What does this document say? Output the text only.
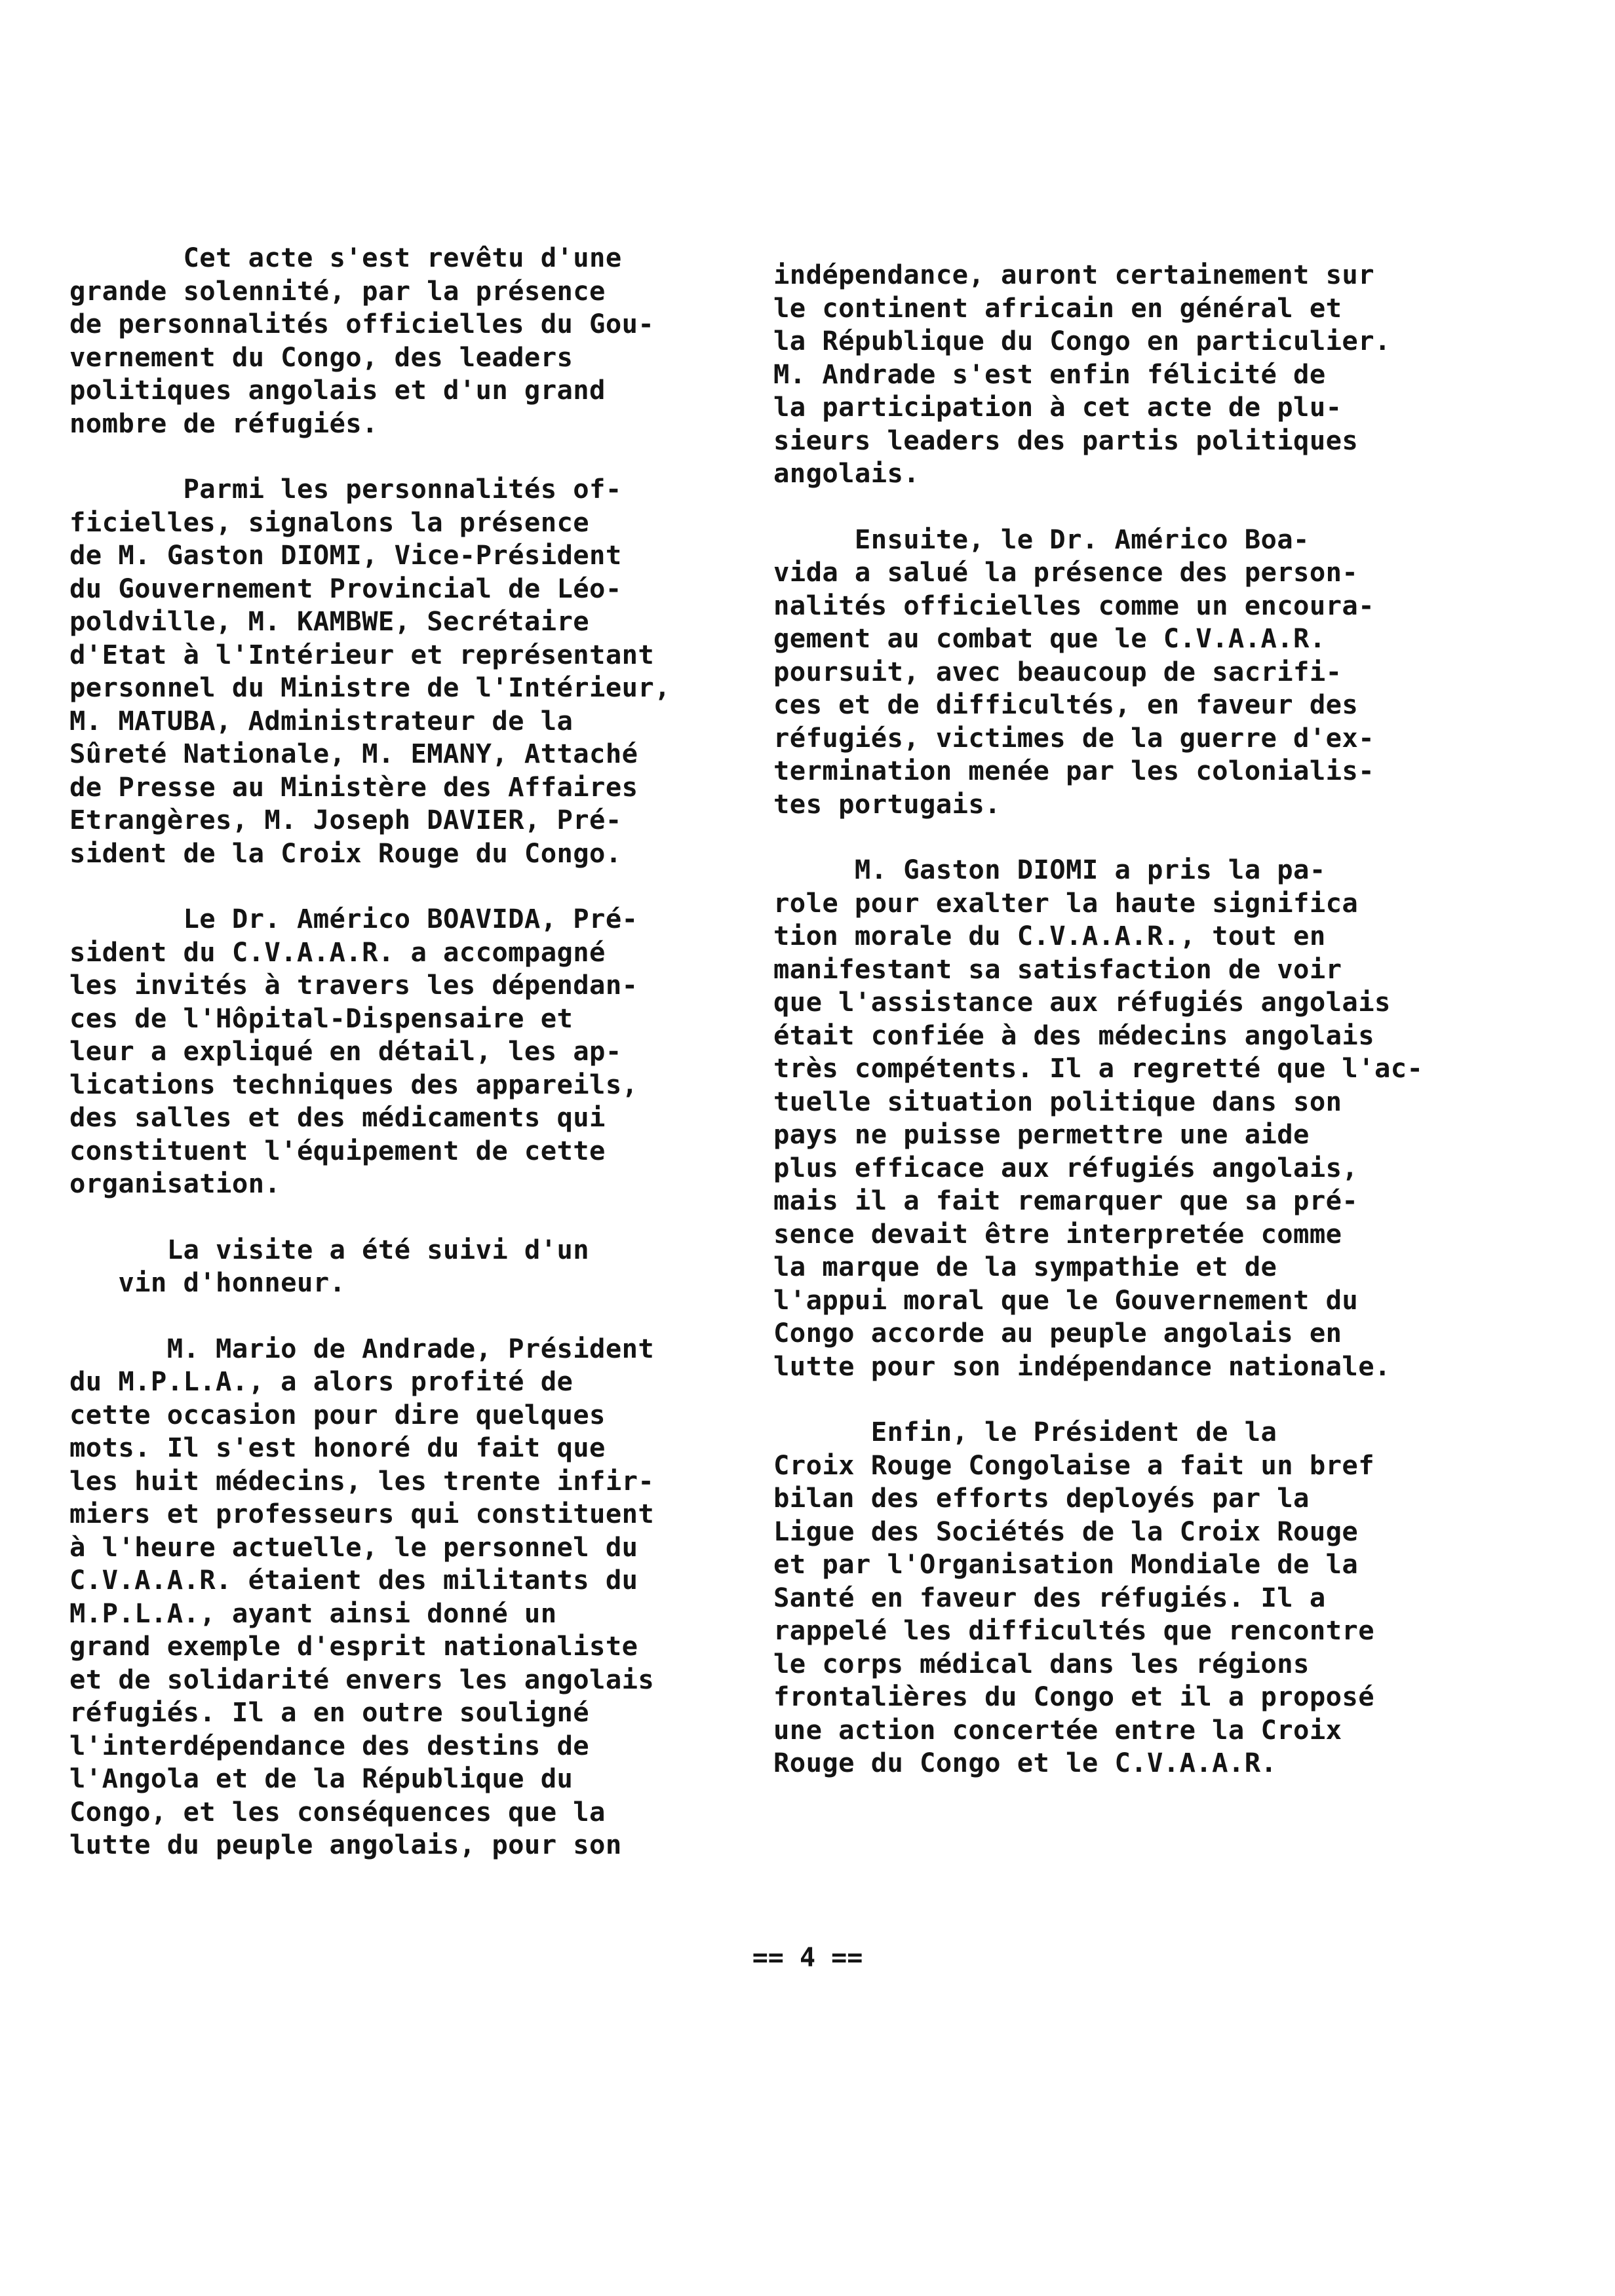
Cet acte s'est revêtu d'une
grande solennité, par la présence
de personnalités officielles du Gou-
vernement du Congo, des leaders
politiques angolais et d'un grand
nombre de réfugiés.
Parmi les personnalités of-
ficielles, signalons la présence
de M. Gaston DIOMI, Vice-Président
du Gouvernement Provincial de Léo-
poldville, M. KAMBWE, Secrétaire
d'Etat à l'Intérieur et représentant
personnel du Ministre de l'Intérieur,
M. MATUBA, Administrateur de la
Sûreté Nationale, M. EMANY, Attaché
de Presse au Ministère des Affaires
Etrangères, M. Joseph DAVIER, Pré-
sident de la Croix Rouge du Congo.
Le Dr. Américo BOAVIDA, Pré-
sident du C.V.A.A.R. a accompagné
les invités à travers les dépendan-
ces de l'Hôpital-Dispensaire et
leur a expliqué en détail, les ap-
lications techniques des appareils,
des salles et des médicaments qui
constituent l'équipement de cette
organisation.
La visite a été suivi d'un
vin d'honneur.
M. Mario de Andrade, Président
du M.P.L.A., a alors profité de
cette occasion pour dire quelques
mots. Il s'est honoré du fait que
les huit médecins, les trente infir-
miers et professeurs qui constituent
à l'heure actuelle, le personnel du
C.V.A.A.R. étaient des militants du
M.P.L.A., ayant ainsi donné un
grand exemple d'esprit nationaliste
et de solidarité envers les angolais
réfugiés. Il a en outre souligné
l'interdépendance des destins de
l'Angola et de la République du
Congo, et les conséquences que la
lutte du peuple angolais, pour son
indépendance, auront certainement sur
le continent africain en général et
la République du Congo en particulier.
M. Andrade s'est enfin félicité de
la participation à cet acte de plu-
sieurs leaders des partis politiques
angolais.
Ensuite, le Dr. Américo Boa-
vida a salué la présence des person-
nalités officielles comme un encoura-
gement au combat que le C.V.A.A.R.
poursuit, avec beaucoup de sacrifi-
ces et de difficultés, en faveur des
réfugiés, victimes de la guerre d'ex-
termination menée par les colonialis-
tes portugais.
M. Gaston DIOMI a pris la pa-
role pour exalter la haute significa
tion morale du C.V.A.A.R., tout en
manifestant sa satisfaction de voir
que l'assistance aux réfugiés angolais
était confiée à des médecins angolais
très compétents. Il a regretté que l'ac-
tuelle situation politique dans son
pays ne puisse permettre une aide
plus efficace aux réfugiés angolais,
mais il a fait remarquer que sa pré-
sence devait être interpretée comme
la marque de la sympathie et de
l'appui moral que le Gouvernement du
Congo accorde au peuple angolais en
lutte pour son indépendance nationale.
Enfin, le Président de la
Croix Rouge Congolaise a fait un bref
bilan des efforts deployés par la
Ligue des Sociétés de la Croix Rouge
et par l'Organisation Mondiale de la
Santé en faveur des réfugiés. Il a
rappelé les difficultés que rencontre
le corps médical dans les régions
frontalières du Congo et il a proposé
une action concertée entre la Croix
Rouge du Congo et le C.V.A.A.R.
== 4 ==
